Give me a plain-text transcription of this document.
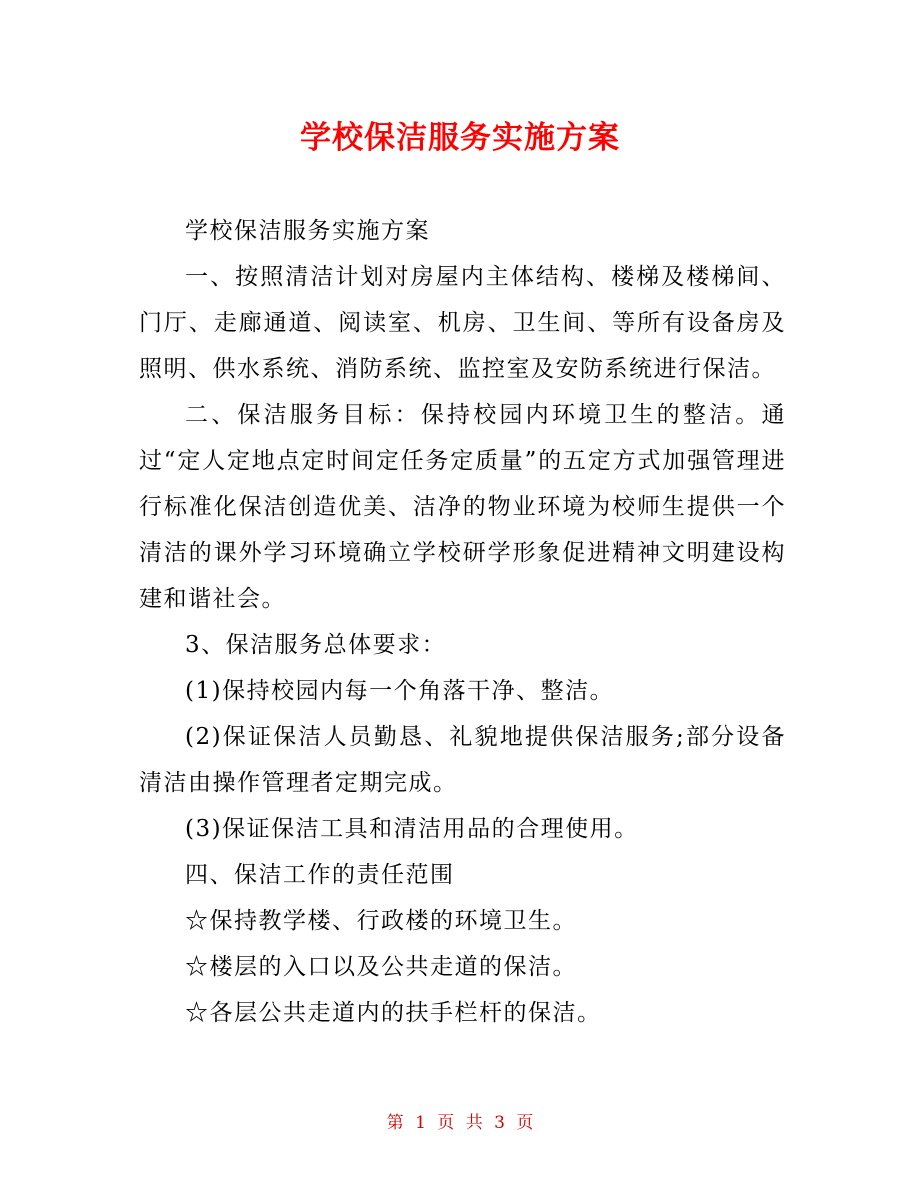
学校保洁服务实施方案

学校保洁服务实施方案

一、按照清洁计划对房屋内主体结构、楼梯及楼梯间、门厅、走廊通道、阅读室、机房、卫生间、等所有设备房及照明、供水系统、消防系统、监控室及安防系统进行保洁。

二、保洁服务目标：保持校园内环境卫生的整洁。通过“定人定地点定时间定任务定质量”的五定方式加强管理进行标准化保洁创造优美、洁净的物业环境为校师生提供一个清洁的课外学习环境确立学校研学形象促进精神文明建设构建和谐社会。

3、保洁服务总体要求：

(1)保持校园内每一个角落干净、整洁。

(2)保证保洁人员勤恳、礼貌地提供保洁服务;部分设备清洁由操作管理者定期完成。

(3)保证保洁工具和清洁用品的合理使用。

四、保洁工作的责任范围

☆保持教学楼、行政楼的环境卫生。

☆楼层的入口以及公共走道的保洁。

☆各层公共走道内的扶手栏杆的保洁。

第 1 页 共 3 页
